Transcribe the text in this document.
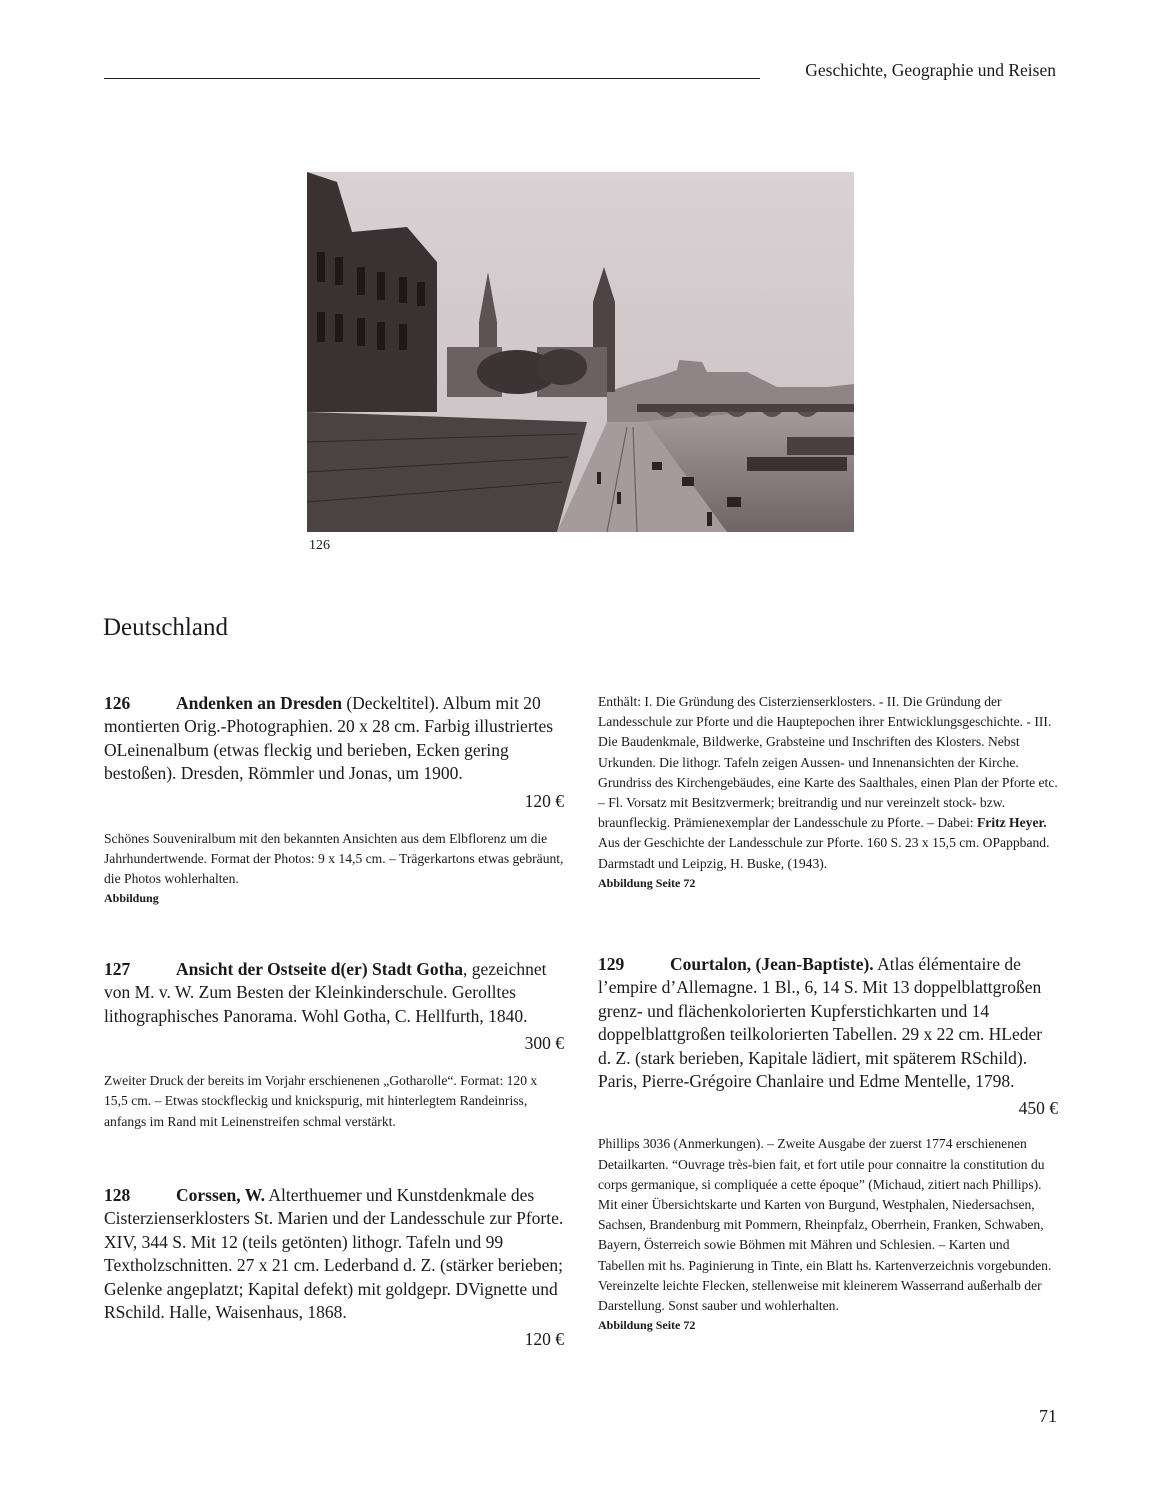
Geschichte, Geographie und Reisen
126
Deutschland

126	Andenken an Dresden (Deckeltitel). Album mit 20 montierten Orig.-Photographien. 20 x 28 cm. Farbig illustriertes OLeinenalbum (etwas fleckig und berieben, Ecken gering bestoßen). Dresden, Römmler und Jonas, um 1900.

120 €

Schönes Souveniralbum mit den bekannten Ansichten aus dem Elbflorenz um die Jahrhundertwende. Format der Photos: 9 x 14,5 cm. – Trägerkartons etwas gebräunt, die Photos wohlerhalten.

Abbildung

127	Ansicht der Ostseite d(er) Stadt Gotha, gezeichnet von M. v. W. Zum Besten der Kleinkinderschule. Gerolltes lithographisches Panorama. Wohl Gotha, C. Hellfurth, 1840.

300 €

Zweiter Druck der bereits im Vorjahr erschienenen „Gotharolle“. Format: 120 x 15,5 cm. – Etwas stockfleckig und knickspurig, mit hinterlegtem Randeinriss, anfangs im Rand mit Leinenstreifen schmal verstärkt.

128	Corssen, W. Alterthuemer und Kunstdenkmale des Cisterzienserklosters St. Marien und der Landesschule zur Pforte. XIV, 344 S. Mit 12 (teils getönten) lithogr. Tafeln und 99 Textholzschnitten. 27 x 21 cm. Lederband d. Z. (stärker berieben; Gelenke angeplatzt; Kapital defekt) mit goldgepr. DVignette und RSchild. Halle, Waisenhaus, 1868.

120 €

Enthält: I. Die Gründung des Cisterzienserklosters. - II. Die Gründung der Landesschule zur Pforte und die Hauptepochen ihrer Entwicklungsgeschichte. - III. Die Baudenkmale, Bildwerke, Grabsteine und Inschriften des Klosters. Nebst Urkunden. Die lithogr. Tafeln zeigen Aussen- und Innenansichten der Kirche. Grundriss des Kirchengebäudes, eine Karte des Saalthales, einen Plan der Pforte etc. – Fl. Vorsatz mit Besitzvermerk; breitrandig und nur vereinzelt stock- bzw. braunfleckig. Prämienexemplar der Landesschule zu Pforte. – Dabei: Fritz Heyer. Aus der Geschichte der Landesschule zur Pforte. 160 S. 23 x 15,5 cm. OPappband. Darmstadt und Leipzig, H. Buske, (1943).

Abbildung Seite 72

129	Courtalon, (Jean-Baptiste). Atlas élémentaire de l’empire d’Allemagne. 1 Bl., 6, 14 S. Mit 13 doppelblattgroßen grenz- und flächenkolorierten Kupferstichkarten und 14 doppelblattgroßen teilkolorierten Tabellen. 29 x 22 cm. HLeder d. Z. (stark berieben, Kapitale lädiert, mit späterem RSchild). Paris, Pierre-Grégoire Chanlaire und Edme Mentelle, 1798.

450 €

Phillips 3036 (Anmerkungen). – Zweite Ausgabe der zuerst 1774 erschienenen Detailkarten. “Ouvrage très-bien fait, et fort utile pour connaitre la constitution du corps germanique, si compliquée a cette époque” (Michaud, zitiert nach Phillips). Mit einer Übersichtskarte und Karten von Burgund, Westphalen, Niedersachsen, Sachsen, Brandenburg mit Pommern, Rheinpfalz, Oberrhein, Franken, Schwaben, Bayern, Österreich sowie Böhmen mit Mähren und Schlesien. – Karten und Tabellen mit hs. Paginierung in Tinte, ein Blatt hs. Kartenverzeichnis vorgebunden. Vereinzelte leichte Flecken, stellenweise mit kleinerem Wasserrand außerhalb der Darstellung. Sonst sauber und wohlerhalten.

Abbildung Seite 72
71
